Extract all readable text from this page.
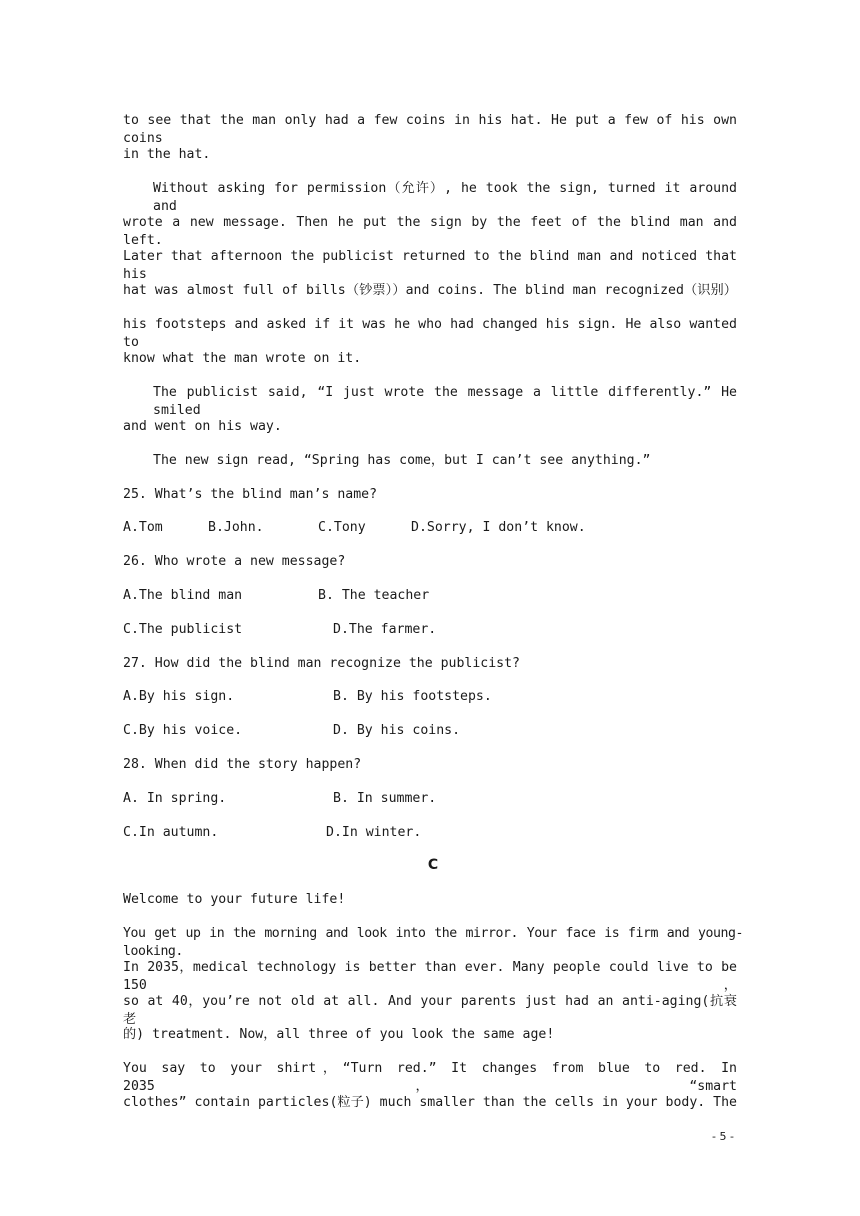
to see that the man only had a few coins in his hat. He put a few of his own coins
in the hat.
Without asking for permission（允许）, he took the sign, turned it around and
wrote a new message. Then he put the sign by the feet of the blind man and left.
Later that afternoon the publicist returned to the blind man and noticed that his
hat was almost full of bills（钞票））and coins. The blind man recognized（识别）
his footsteps and asked if it was he who had changed his sign. He also wanted to
know what the man wrote on it.
The publicist said, “I just wrote the message a little differently.” He smiled
and went on his way.
The new sign read, “Spring has come，but I can’t see anything.”
25. What’s the blind man’s name?
A.Tom	B.John.	C.Tony	D.Sorry, I don’t know.
26. Who wrote a new message?
A.The blind man	B. The teacher
C.The publicist	D.The farmer.
27. How did the blind man recognize the publicist?
A.By his sign.	B. By his footsteps.
C.By his voice.	D. By his coins.
28. When did the story happen?
A. In spring.	B. In summer.
C.In autumn.	D.In winter.
C
Welcome to your future life!
You get up in the morning and look into the mirror. Your face is firm and young-looking.
In 2035，medical technology is better than ever. Many people could live to be 150，
so at 40，you’re not old at all. And your parents just had an anti-aging(抗衰老
的) treatment. Now，all three of you look the same age!
You say to your shirt，“Turn red.” It changes from blue to red. In 2035，“smart
clothes” contain particles(粒子) much smaller than the cells in your body. The
- 5 -
